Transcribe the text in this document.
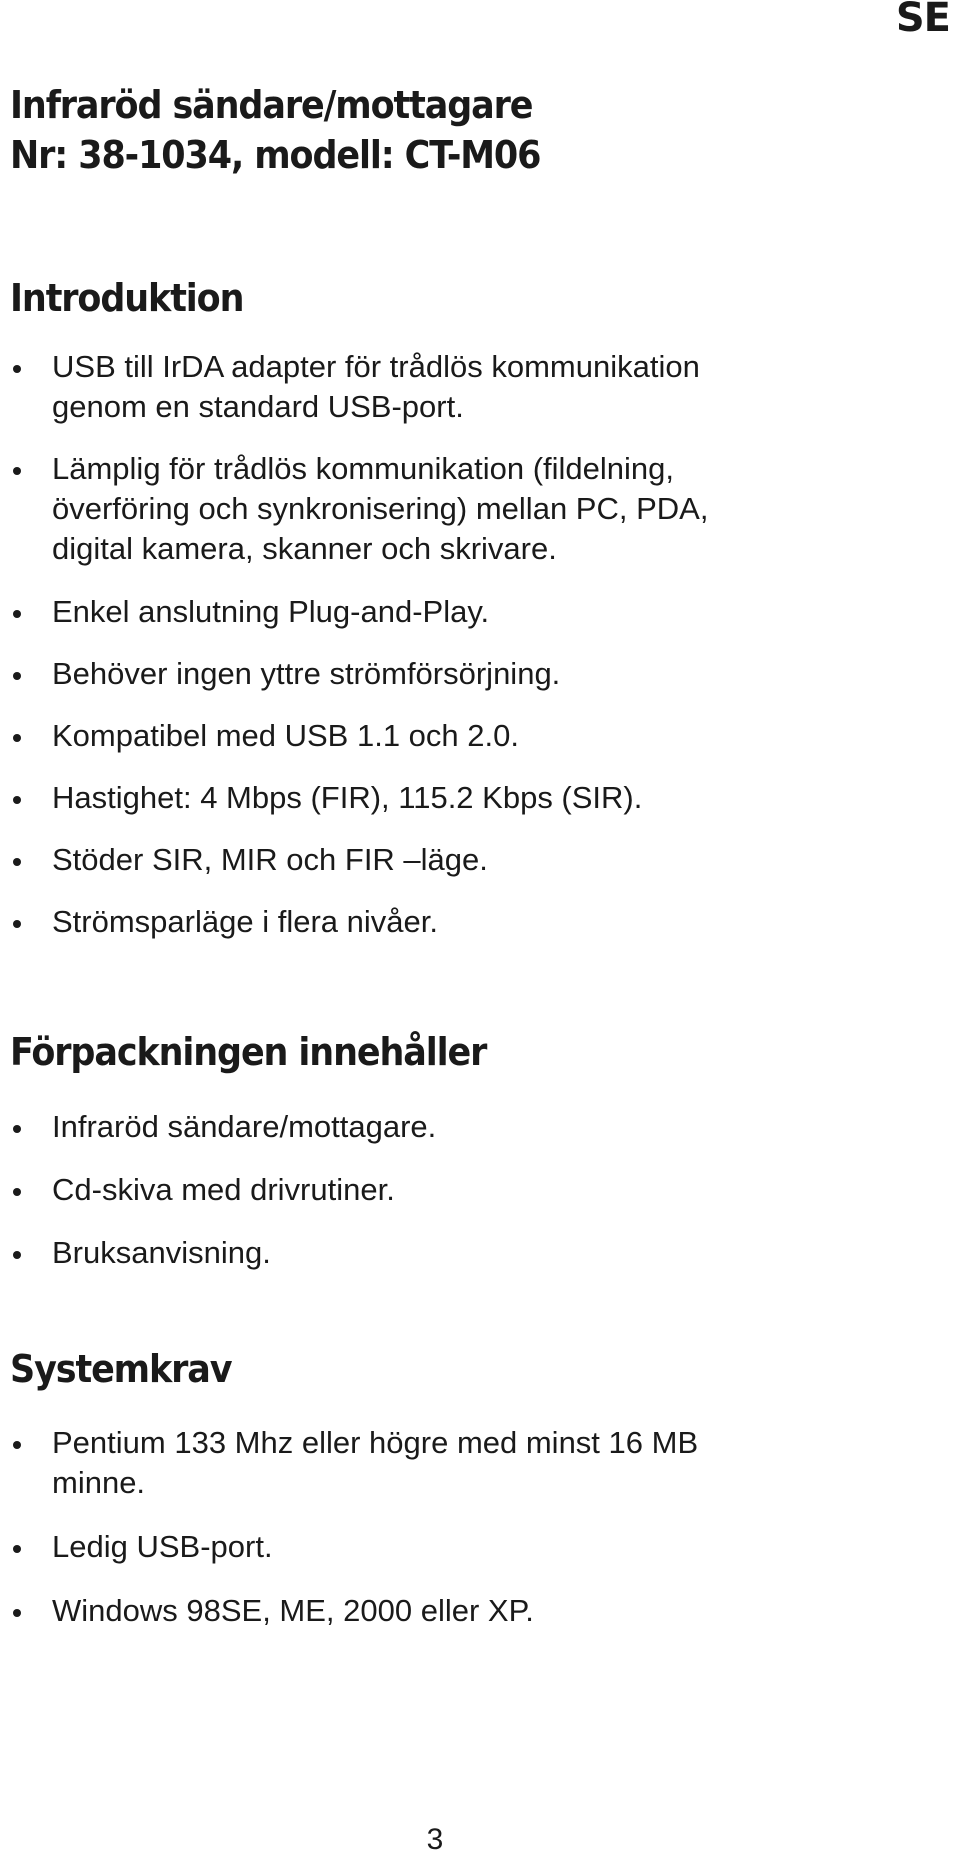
SE
Infraröd sändare/mottagare
Nr: 38-1034, modell: CT-M06
Introduktion
USB till IrDA adapter för trådlös kommunikation
genom en standard USB-port.
Lämplig för trådlös kommunikation (fildelning,
överföring och synkronisering) mellan PC, PDA,
digital kamera, skanner och skrivare.
Enkel anslutning Plug-and-Play.
Behöver ingen yttre strömförsörjning.
Kompatibel med USB 1.1 och 2.0.
Hastighet: 4 Mbps (FIR), 115.2 Kbps (SIR).
Stöder SIR, MIR och FIR –läge.
Strömsparläge i flera nivåer.
Förpackningen innehåller
Infraröd sändare/mottagare.
Cd-skiva med drivrutiner.
Bruksanvisning.
Systemkrav
Pentium 133 Mhz eller högre med minst 16 MB
minne.
Ledig USB-port.
Windows 98SE, ME, 2000 eller XP.
3
